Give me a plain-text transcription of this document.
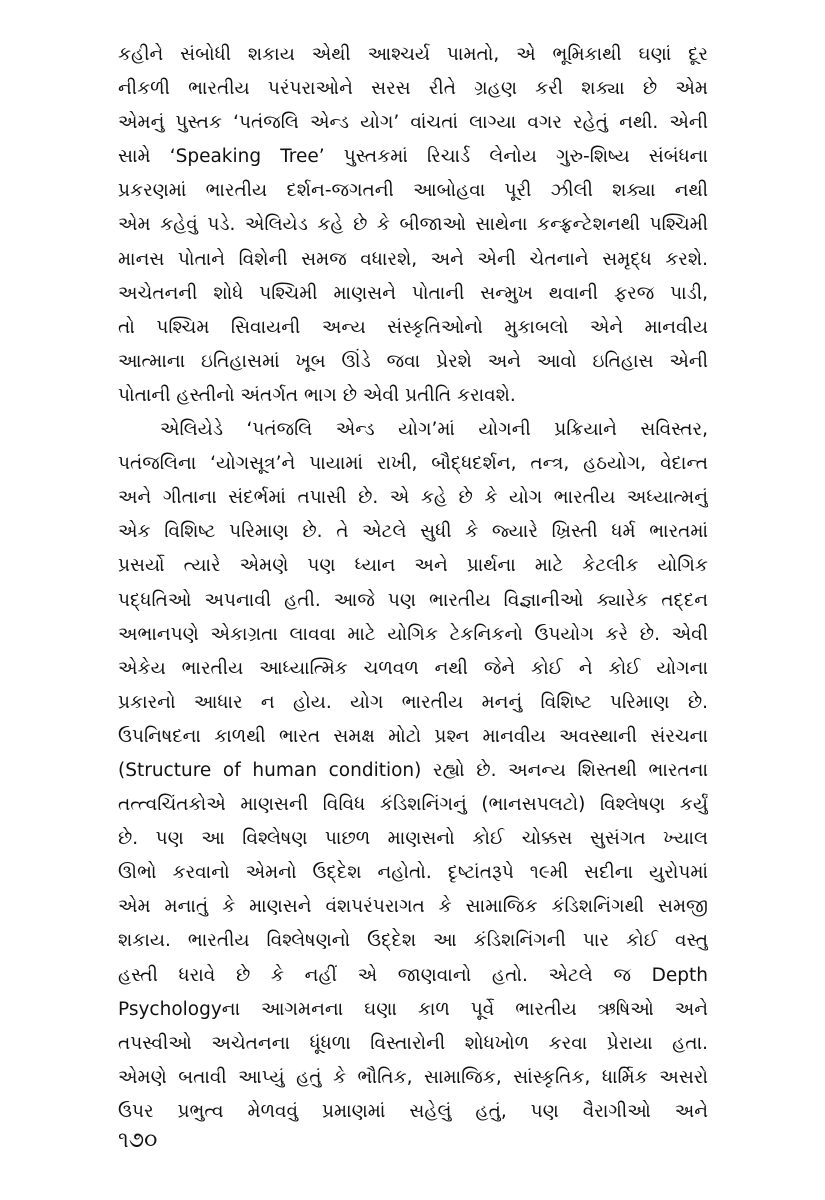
કહીને સંબોધી શકાય એથી આશ્ચર્ય પામતો, એ ભૂમિકાથી ઘણાં દૂર
નીકળી ભારતીય પરંપરાઓને સરસ રીતે ગ્રહણ કરી શક્યા છે એમ
એમનું પુસ્તક ‘પતંજલિ એન્ડ યોગ’ વાંચતાં લાગ્યા વગર રહેતું નથી. એની
સામે ‘Speaking Tree’ પુસ્તકમાં રિચાર્ડ લેનોય ગુરુ-શિષ્ય સંબંધના
પ્રકરણમાં ભારતીય દર્શન-જગતની આબોહવા પૂરી ઝીલી શક્યા નથી
એમ કહેવું પડે. એલિયેડ કહે છે કે બીજાઓ સાથેના કન્ફ્રન્ટેશનથી પશ્ચિમી
માનસ પોતાને વિશેની સમજ વધારશે, અને એની ચેતનાને સમૃદ્ધ કરશે.
અચેતનની શોધે પશ્ચિમી માણસને પોતાની સન્મુખ થવાની ફરજ પાડી,
તો પશ્ચિમ સિવાયની અન્ય સંસ્કૃતિઓનો મુકાબલો એને માનવીય
આત્માના ઇતિહાસમાં ખૂબ ઊંડે જવા પ્રેરશે અને આવો ઇતિહાસ એની
પોતાની હસ્તીનો અંતર્ગત ભાગ છે એવી પ્રતીતિ કરાવશે.
એલિયેડે ‘પતંજલિ એન્ડ યોગ’માં યોગની પ્રક્રિયાને સવિસ્તર,
પતંજલિના ‘યોગસૂત્ર’ને પાયામાં રાખી, બૌદ્ધદર્શન, તન્ત્ર, હઠયોગ, વેદાન્ત
અને ગીતાના સંદર્ભમાં તપાસી છે. એ કહે છે કે યોગ ભારતીય અધ્યાત્મનું
એક વિશિષ્ટ પરિમાણ છે. તે એટલે સુધી કે જ્યારે ખ્રિસ્તી ધર્મ ભારતમાં
પ્રસર્યો ત્યારે એમણે પણ ધ્યાન અને પ્રાર્થના માટે કેટલીક યોગિક
પદ્ધતિઓ અપનાવી હતી. આજે પણ ભારતીય વિજ્ઞાનીઓ ક્યારેક તદ્દન
અભાનપણે એકાગ્રતા લાવવા માટે યોગિક ટેકનિકનો ઉપયોગ કરે છે. એવી
એકેય ભારતીય આધ્યાત્મિક ચળવળ નથી જેને કોઈ ને કોઈ યોગના
પ્રકારનો આધાર ન હોય. યોગ ભારતીય મનનું વિશિષ્ટ પરિમાણ છે.
ઉપનિષદના કાળથી ભારત સમક્ષ મોટો પ્રશ્ન માનવીય અવસ્થાની સંરચના
(Structure of human condition) રહ્યો છે. અનન્ય શિસ્તથી ભારતના
તત્ત્વચિંતકોએ માણસની વિવિધ કંડિશનિંગનું (ભાનસપલટો) વિશ્લેષણ કર્યું
છે. પણ આ વિશ્લેષણ પાછળ માણસનો કોઈ ચોક્કસ સુસંગત ખ્યાલ
ઊભો કરવાનો એમનો ઉદ્દેશ નહોતો. દૃષ્ટાંતરૂપે ૧૯મી સદીના યુરોપમાં
એમ મનાતું કે માણસને વંશપરંપરાગત કે સામાજિક કંડિશનિંગથી સમજી
શકાય. ભારતીય વિશ્લેષણનો ઉદ્દેશ આ કંડિશનિંગની પાર કોઈ વસ્તુ
હસ્તી ધરાવે છે કે નહીં એ જાણવાનો હતો. એટલે જ Depth
Psychologyના આગમનના ઘણા કાળ પૂર્વે ભારતીય ઋષિઓ અને
તપસ્વીઓ અચેતનના ધૂંધળા વિસ્તારોની શોધખોળ કરવા પ્રેરાયા હતા.
એમણે બતાવી આપ્યું હતું કે ભૌતિક, સામાજિક, સાંસ્કૃતિક, ધાર્મિક અસરો
ઉપર પ્રભુત્વ મેળવવું પ્રમાણમાં સહેલું હતું, પણ વૈરાગીઓ અને
૧૭૦
